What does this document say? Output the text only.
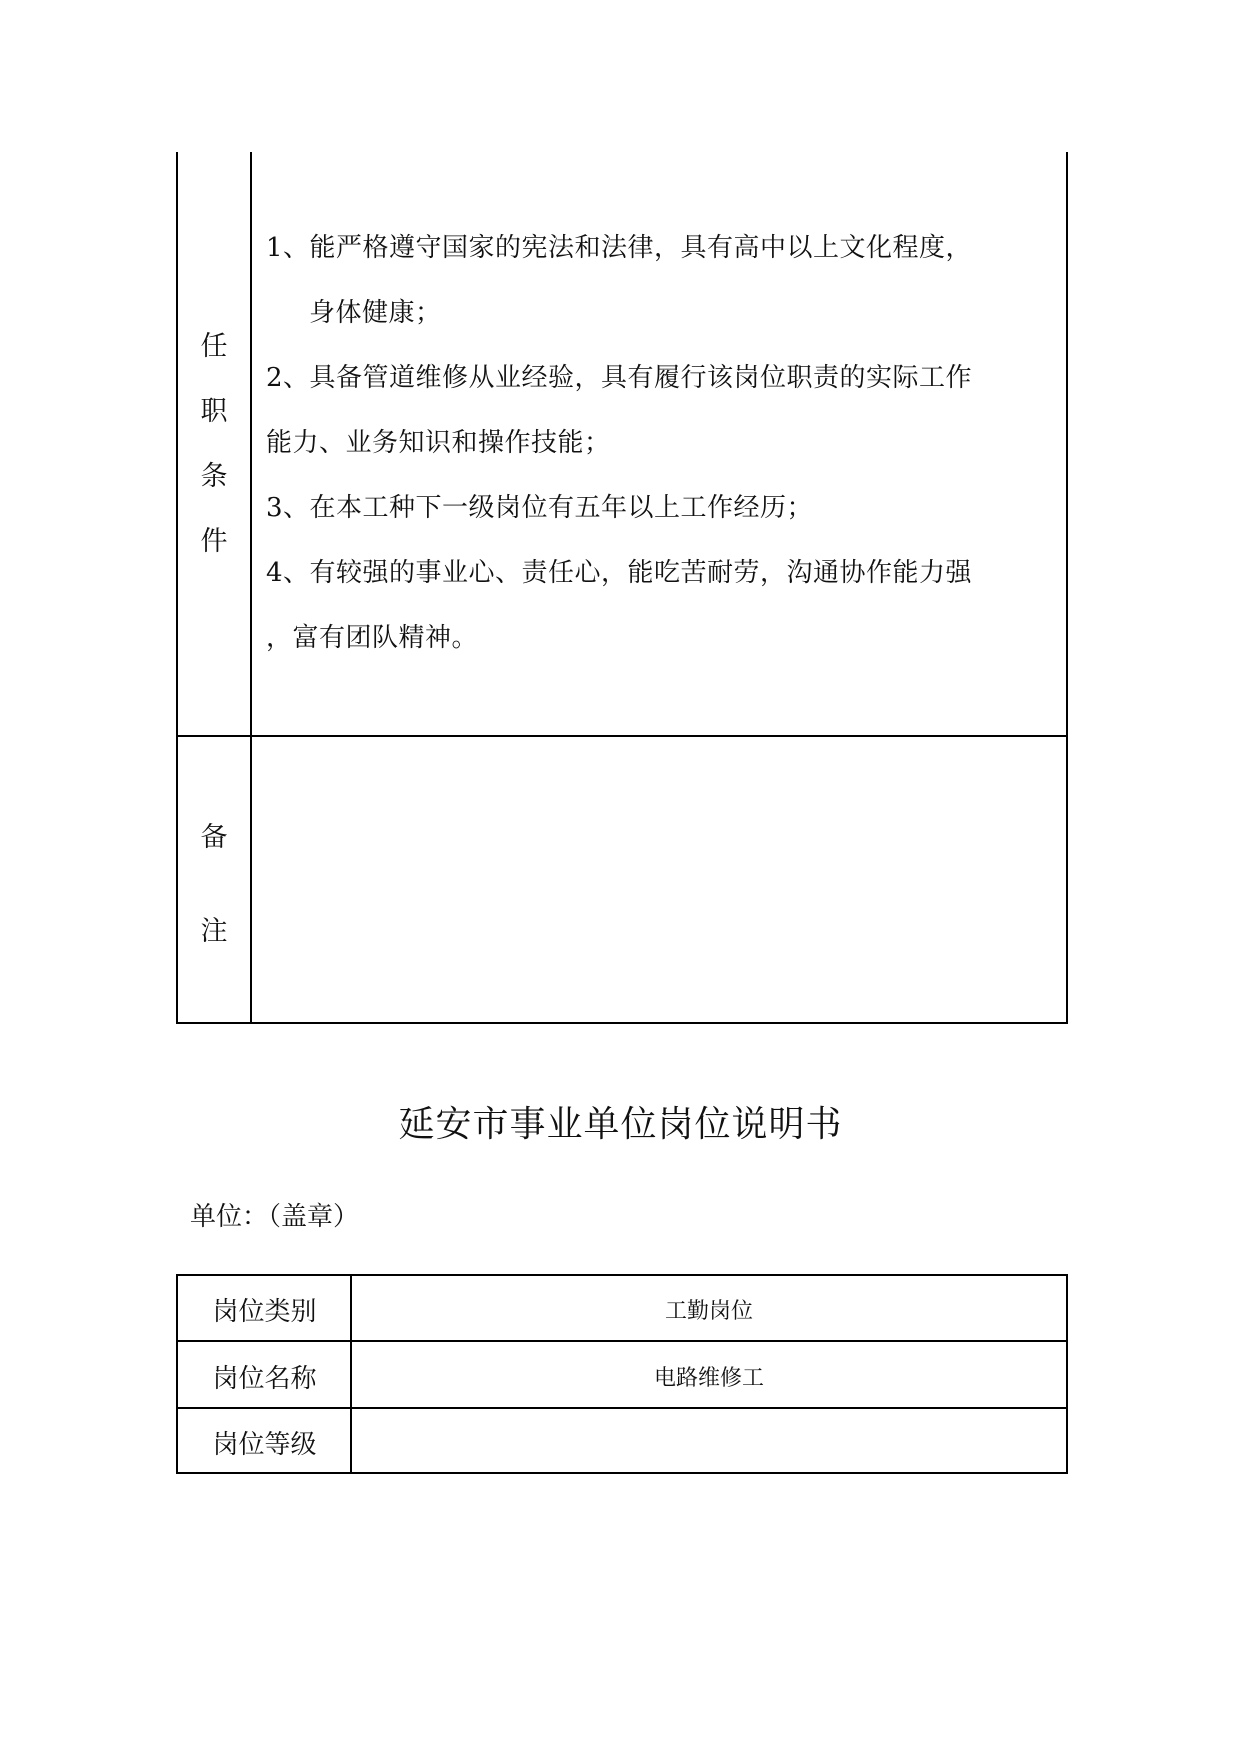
任
职
条
件
1、能严格遵守国家的宪法和法律，具有高中以上文化程度，
身体健康；
2、具备管道维修从业经验，具有履行该岗位职责的实际工作
能力、业务知识和操作技能；
3、在本工种下一级岗位有五年以上工作经历；
4、有较强的事业心、责任心，能吃苦耐劳，沟通协作能力强
，富有团队精神。
备
注
延安市事业单位岗位说明书
单位：（盖章）
岗位类别	工勤岗位
岗位名称	电路维修工
岗位等级
